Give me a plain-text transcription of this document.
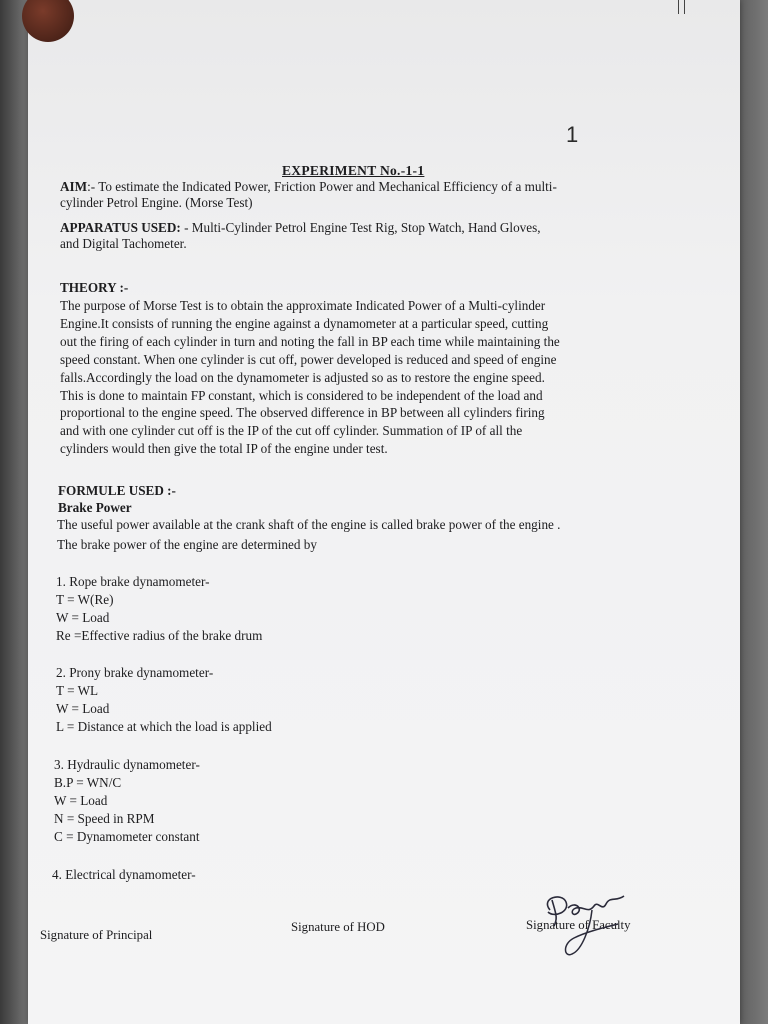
1
EXPERIMENT No.-1-1
AIM:- To estimate the Indicated Power, Friction Power and Mechanical Efficiency of a multi-
cylinder Petrol Engine. (Morse Test)
APPARATUS USED: - Multi-Cylinder Petrol Engine Test Rig, Stop Watch, Hand Gloves,
and Digital Tachometer.
THEORY :-
The purpose of Morse Test is to obtain the approximate Indicated Power of a Multi-cylinder
Engine.It consists of running the engine against a dynamometer at a particular speed, cutting
out the firing of each cylinder in turn and noting the fall in BP each time while maintaining the
speed constant. When one cylinder is cut off, power developed is reduced and speed of engine
falls.Accordingly the load on the dynamometer is adjusted so as to restore the engine speed.
This is done to maintain FP constant, which is considered to be independent of the load and
proportional to the engine speed. The observed difference in BP between all cylinders firing
and with one cylinder cut off is the IP of the cut off cylinder. Summation of IP of all the
cylinders would then give the total IP of the engine under test.
FORMULE USED :-
Brake Power
The useful power available at the crank shaft of the engine is called brake power of the engine .
The brake power of the engine are determined by
1. Rope brake dynamometer-
T = W(Re)
W = Load
Re =Effective radius of the brake drum
2. Prony brake dynamometer-
T = WL
W = Load
L = Distance at which the load is applied
3. Hydraulic dynamometer-
B.P = WN/C
W = Load
N = Speed in RPM
C = Dynamometer constant
4. Electrical dynamometer-
Signature of Principal
Signature of HOD	Signature of Faculty
